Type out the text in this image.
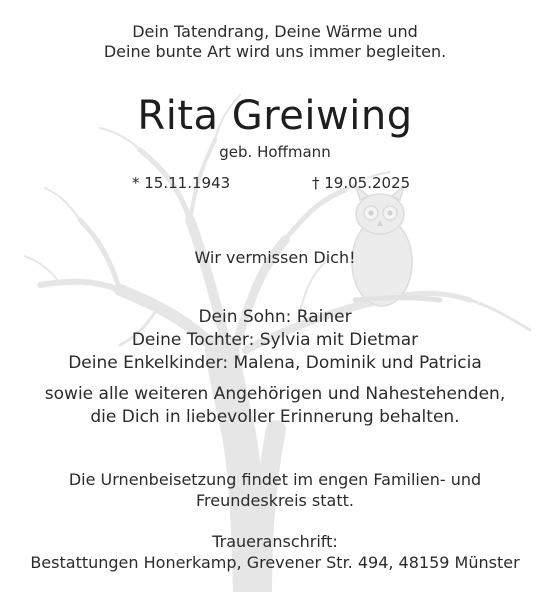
Dein Tatendrang, Deine Wärme und
Deine bunte Art wird uns immer begleiten.
Rita Greiwing
geb. Hoffmann
* 15.11.1943	† 19.05.2025
Wir vermissen Dich!
Dein Sohn: Rainer
Deine Tochter: Sylvia mit Dietmar
Deine Enkelkinder: Malena, Dominik und Patricia
sowie alle weiteren Angehörigen und Nahestehenden,
die Dich in liebevoller Erinnerung behalten.
Die Urnenbeisetzung findet im engen Familien- und
Freundeskreis statt.
Traueranschrift:
Bestattungen Honerkamp, Grevener Str. 494, 48159 Münster
